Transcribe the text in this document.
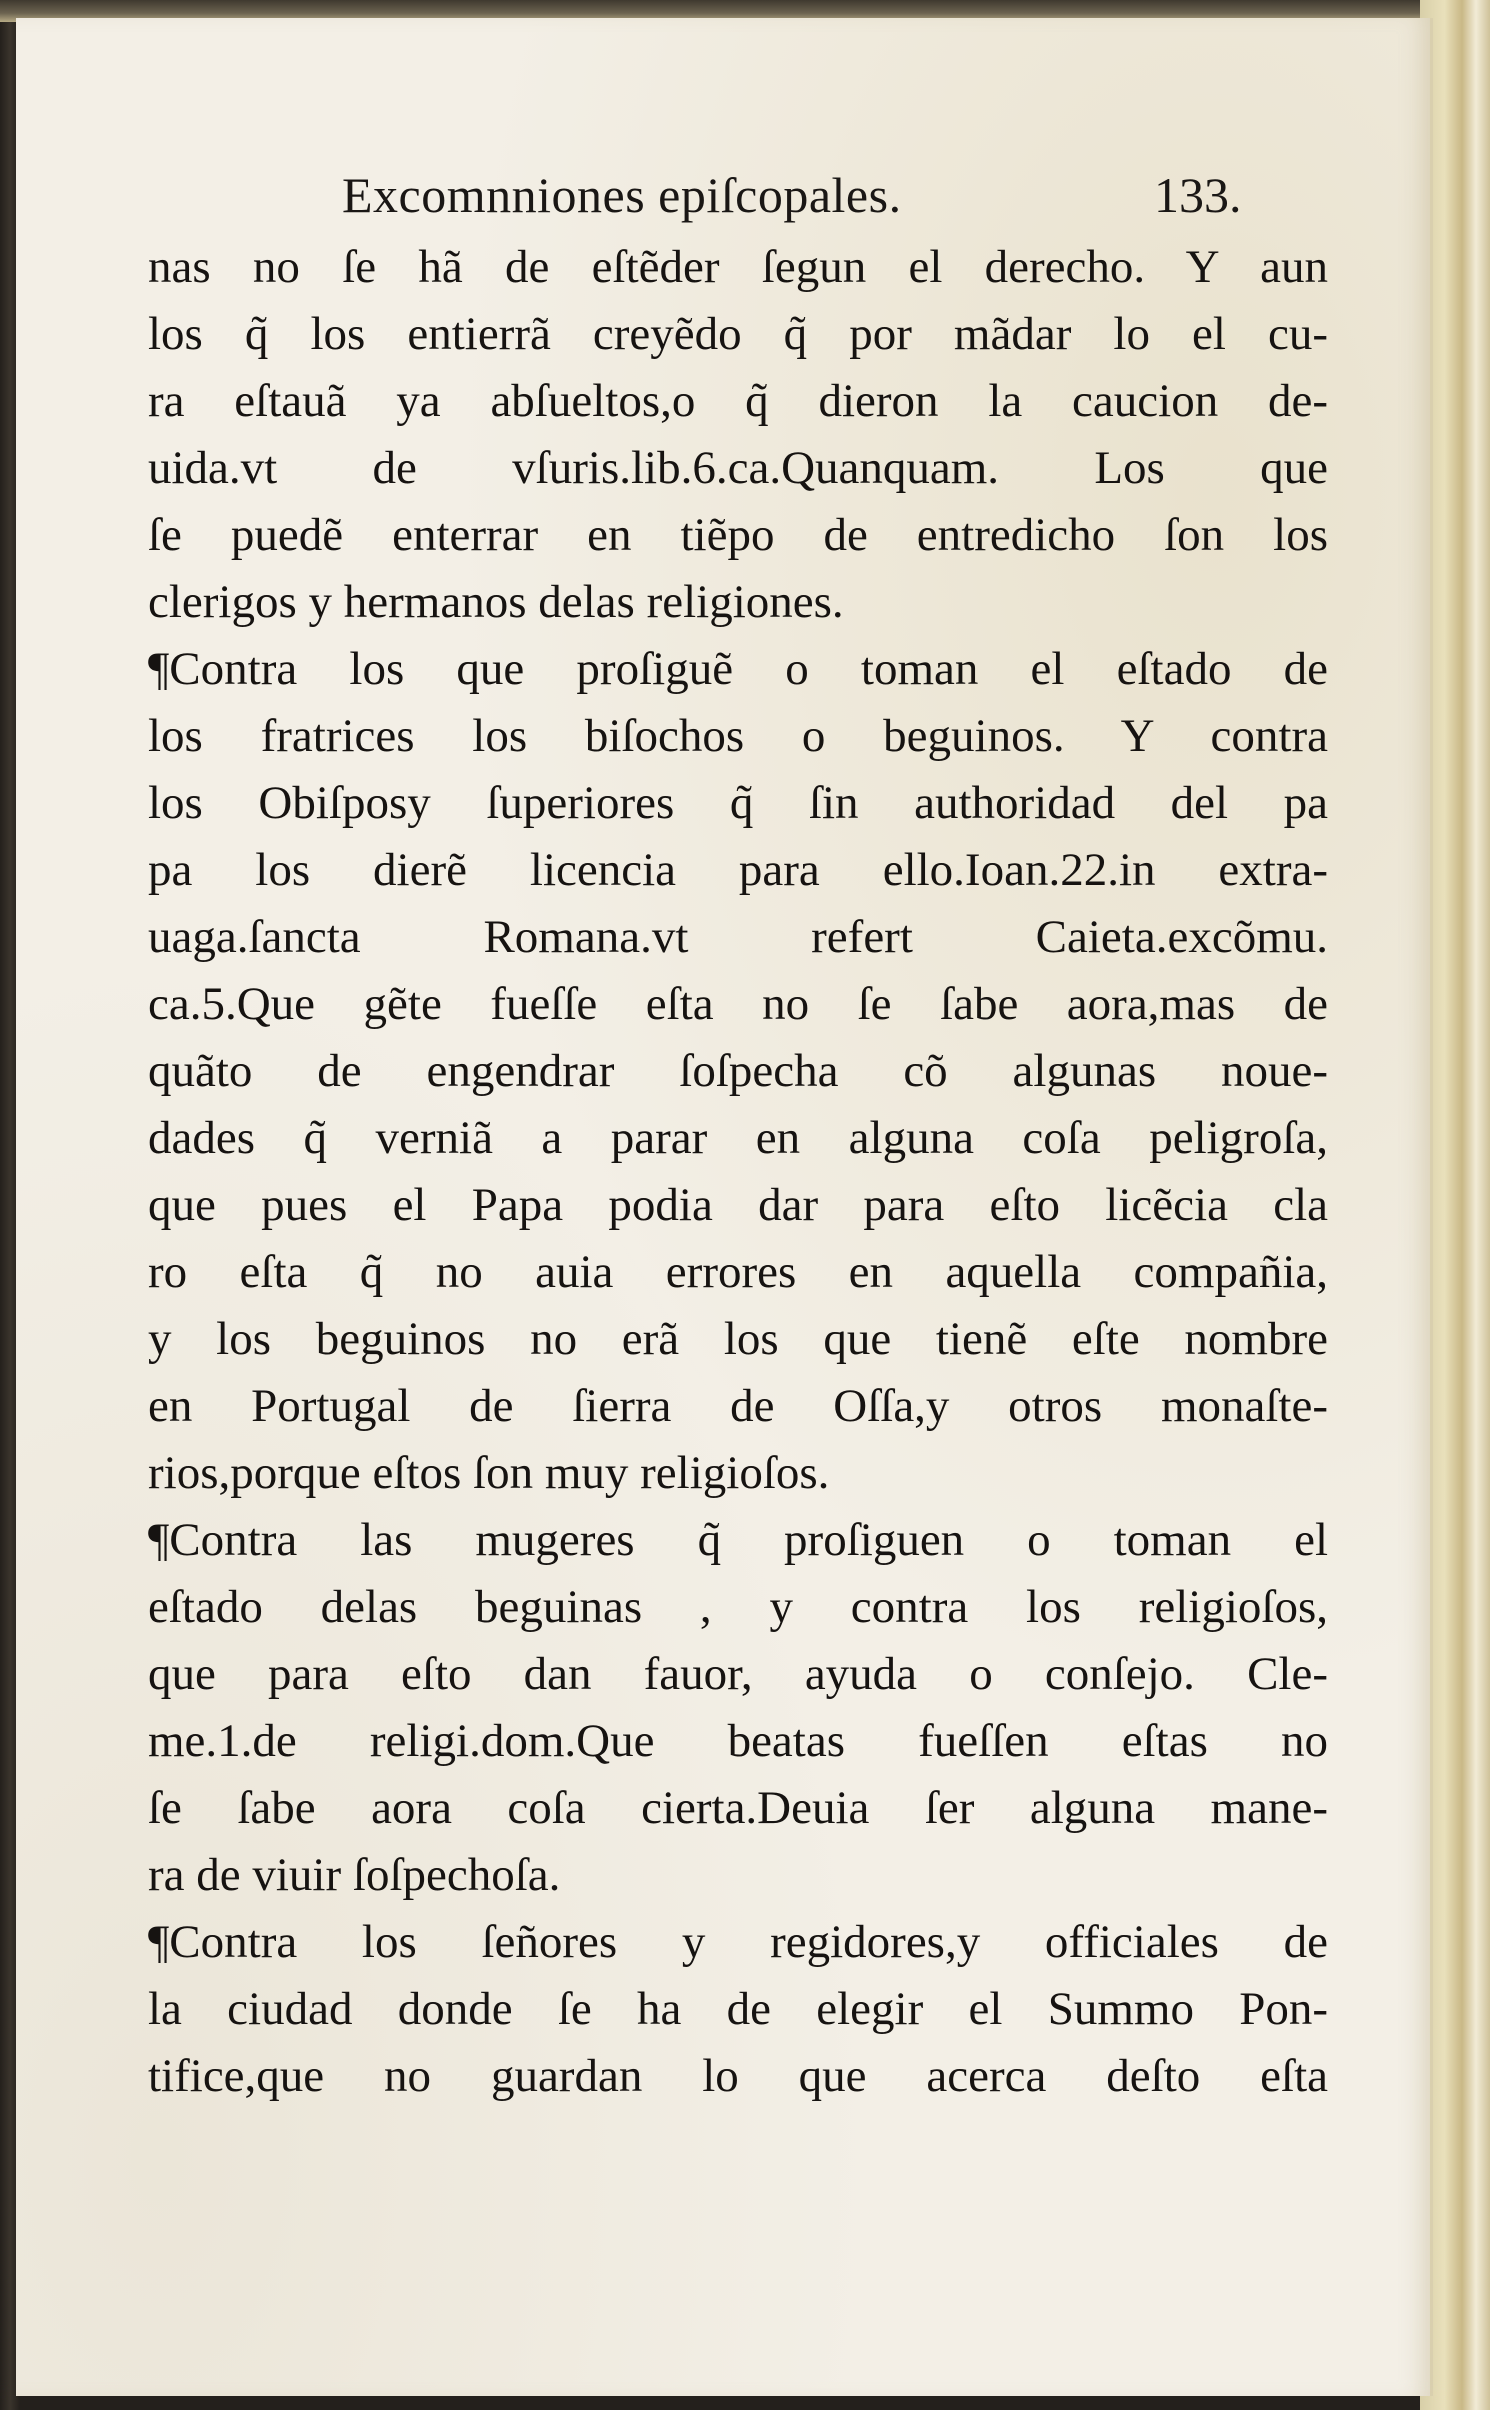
Excomnniones epiſcopales.	133.
nas no ſe hã de eſtẽder ſegun el derecho. Y aun
los q̃ los entierrã creyẽdo q̃ por mãdar lo el cu-
ra eſtauã ya abſueltos,o q̃ dieron la caucion de-
uida.vt de vſuris.lib.6.ca.Quanquam. Los que
ſe puedẽ enterrar en tiẽpo de entredicho ſon los
clerigos y hermanos delas religiones.
¶Contra los que proſiguẽ o toman el eſtado de
los fratrices los biſochos o beguinos. Y contra
los Obiſposy ſuperiores q̃ ſin authoridad del pa
pa los dierẽ licencia para ello.Ioan.22.in extra-
uaga.ſancta Romana.vt refert Caieta.excõmu.
ca.5.Que gẽte fueſſe eſta no ſe ſabe aora,mas de
quãto de engendrar ſoſpecha cõ algunas noue-
dades q̃ verniã a parar en alguna coſa peligroſa,
que pues el Papa podia dar para eſto licẽcia cla
ro eſta q̃ no auia errores en aquella compañia,
y los beguinos no erã los que tienẽ eſte nombre
en Portugal de ſierra de Oſſa,y otros monaſte-
rios,porque eſtos ſon muy religioſos.
¶Contra las mugeres q̃ proſiguen o toman el
eſtado delas beguinas , y contra los religioſos,
que para eſto dan fauor, ayuda o conſejo. Cle-
me.1.de religi.dom.Que beatas fueſſen eſtas no
ſe ſabe aora coſa cierta.Deuia ſer alguna mane-
ra de viuir ſoſpechoſa.
¶Contra los ſeñores y regidores,y officiales de
la ciudad donde ſe ha de elegir el Summo Pon-
tifice,que no guardan lo que acerca deſto eſta
